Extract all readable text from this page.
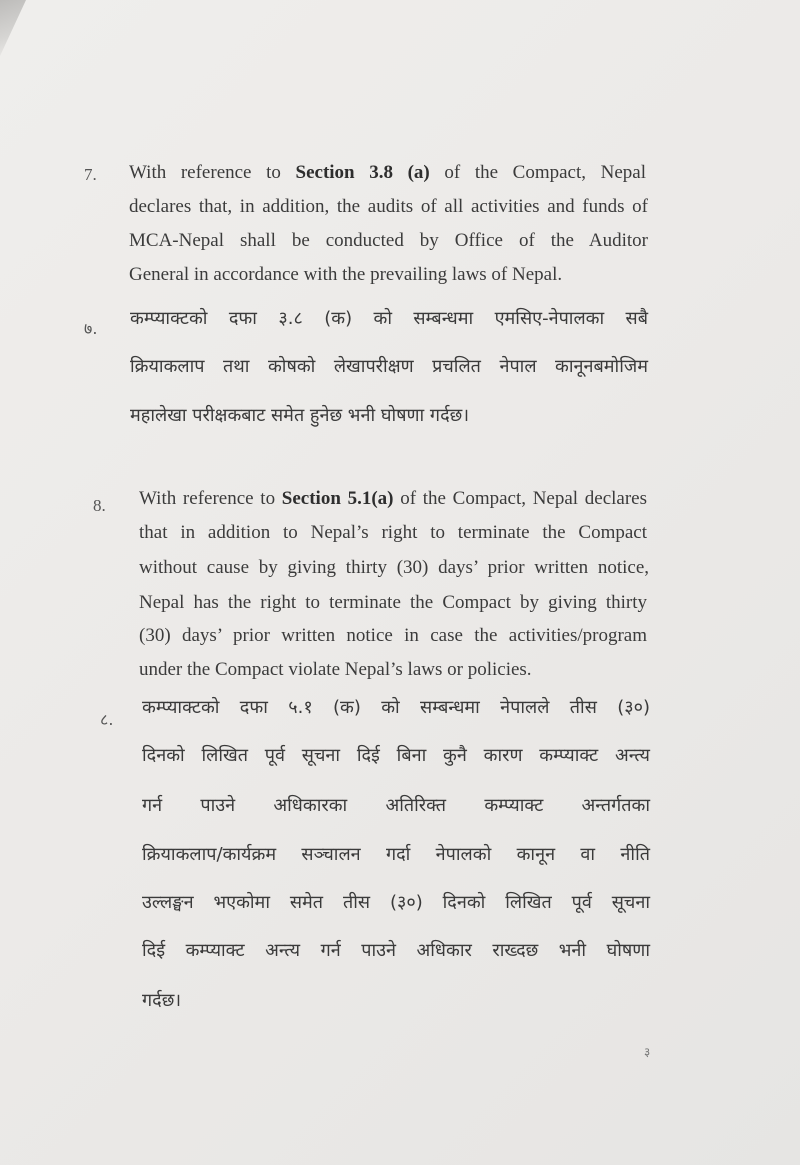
7. With reference to Section 3.8 (a) of the Compact, Nepal
declares that, in addition, the audits of all activities and funds of
MCA-Nepal shall be conducted by Office of the Auditor
General in accordance with the prevailing laws of Nepal.
७. कम्प्याक्टको दफा ३.८ (क) को सम्बन्धमा एमसिए-नेपालका सबै
क्रियाकलाप तथा कोषको लेखापरीक्षण प्रचलित नेपाल कानूनबमोजिम
महालेखा परीक्षकबाट समेत हुनेछ भनी घोषणा गर्दछ।
8. With reference to Section 5.1(a) of the Compact, Nepal declares
that in addition to Nepal’s right to terminate the Compact
without cause by giving thirty (30) days’ prior written notice,
Nepal has the right to terminate the Compact by giving thirty
(30) days’ prior written notice in case the activities/program
under the Compact violate Nepal’s laws or policies.
८.
कम्प्याक्टको दफा ५.१ (क) को सम्बन्धमा नेपालले तीस (३०)
दिनको लिखित पूर्व सूचना दिई बिना कुनै कारण कम्प्याक्ट अन्त्य
गर्न पाउने अधिकारका अतिरिक्त कम्प्याक्ट अन्तर्गतका
क्रियाकलाप/कार्यक्रम सञ्चालन गर्दा नेपालको कानून वा नीति
उल्लङ्घन भएकोमा समेत तीस (३०) दिनको लिखित पूर्व सूचना
दिई कम्प्याक्ट अन्त्य गर्न पाउने अधिकार राख्दछ भनी घोषणा
गर्दछ।
३
